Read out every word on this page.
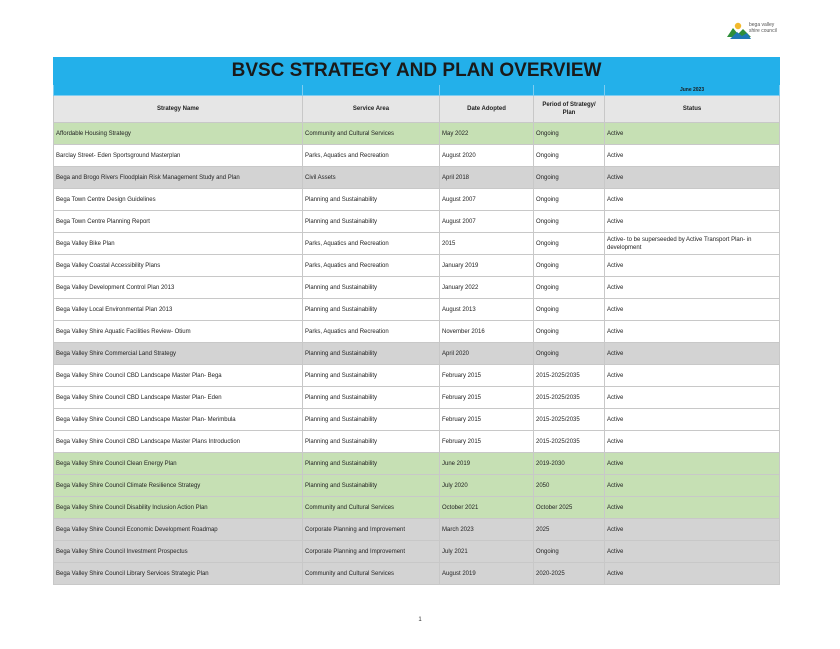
bega valley
shire council
BVSC STRATEGY AND PLAN OVERVIEW				
				June 2023
Strategy Name	Service Area	Date Adopted	Period of Strategy/ Plan	Status
Affordable Housing Strategy	Community and Cultural Services	May 2022	Ongoing	Active
Barclay Street- Eden Sportsground Masterplan	Parks, Aquatics and Recreation	August 2020	Ongoing	Active
Bega and Brogo Rivers Floodplain Risk Management Study and Plan	Civil Assets	April 2018	Ongoing	Active
Bega Town Centre Design Guidelines	Planning and Sustainability	August 2007	Ongoing	Active
Bega Town Centre Planning Report	Planning and Sustainability	August 2007	Ongoing	Active
Bega Valley Bike Plan	Parks, Aquatics and Recreation	2015	Ongoing	Active- to be superseeded by Active Transport Plan- in development
Bega Valley Coastal Accessibility Plans	Parks, Aquatics and Recreation	January 2019	Ongoing	Active
Bega Valley Development Control Plan 2013	Planning and Sustainability	January 2022	Ongoing	Active
Bega Valley Local Environmental Plan 2013	Planning and Sustainability	August 2013	Ongoing	Active
Bega Valley Shire Aquatic Facilities Review- Otium	Parks, Aquatics and Recreation	November 2016	Ongoing	Active
Bega Valley Shire Commercial Land Strategy	Planning and Sustainability	April 2020	Ongoing	Active
Bega Valley Shire Council CBD Landscape Master Plan- Bega	Planning and Sustainability	February 2015	2015-2025/2035	Active
Bega Valley Shire Council CBD Landscape Master Plan- Eden	Planning and Sustainability	February 2015	2015-2025/2035	Active
Bega Valley Shire Council CBD Landscape Master Plan- Merimbula	Planning and Sustainability	February 2015	2015-2025/2035	Active
Bega Valley Shire Council CBD Landscape Master Plans Introduction	Planning and Sustainability	February 2015	2015-2025/2035	Active
Bega Valley Shire Council Clean Energy Plan	Planning and Sustainability	June 2019	2019-2030	Active
Bega Valley Shire Council Climate Resilience Strategy	Planning and Sustainability	July 2020	2050	Active
Bega Valley Shire Council Disability Inclusion Action Plan	Community and Cultural Services	October 2021	October 2025	Active
Bega Valley Shire Council Economic Development Roadmap	Corporate Planning and Improvement	March 2023	2025	Active
Bega Valley Shire Council Investment Prospectus	Corporate Planning and Improvement	July 2021	Ongoing	Active
Bega Valley Shire Council Library Services Strategic Plan	Community and Cultural Services	August 2019	2020-2025	Active
1
